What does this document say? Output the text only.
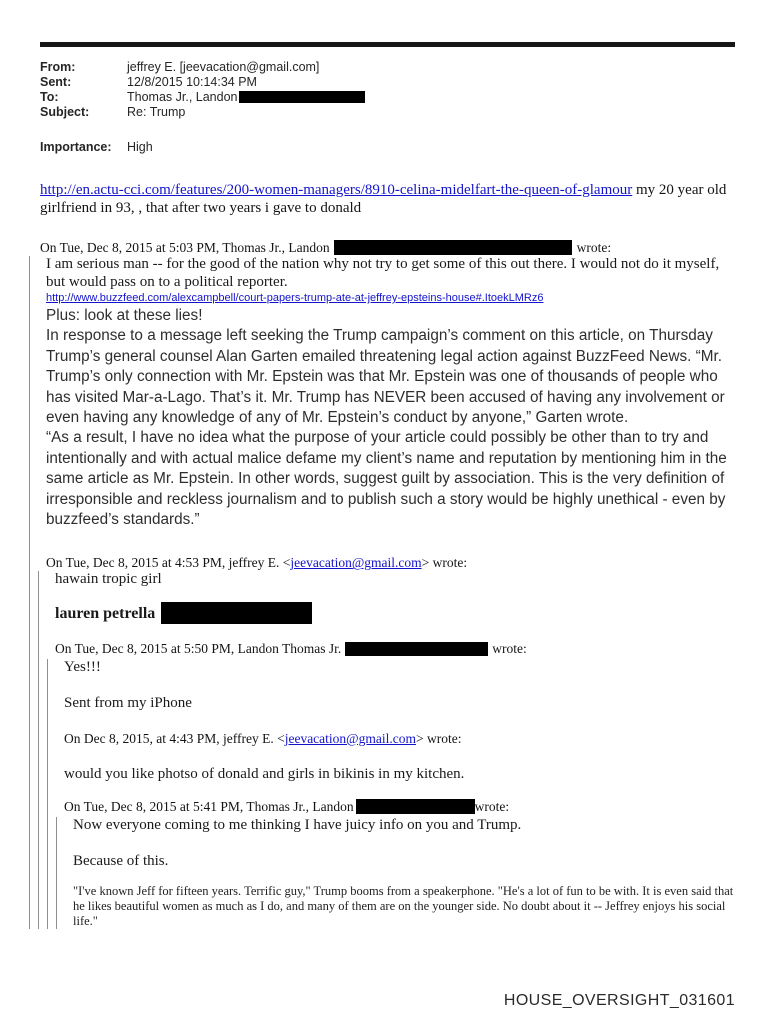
From:	jeffrey E. [jeevacation@gmail.com]
Sent:	12/8/2015 10:14:34 PM
To:	Thomas Jr., Landon
Subject:	Re: Trump
Importance:	High

http://en.actu-cci.com/features/200-women-managers/8910-celina-midelfart-the-queen-of-glamour my 20 year old girlfriend in 93, , that after two years i gave to donald

On Tue, Dec 8, 2015 at 5:03 PM, Thomas Jr., Landon	wrote:

I am serious man -- for the good of the nation why not try to get some of this out there. I would not do it myself, but would pass on to a political reporter.

http://www.buzzfeed.com/alexcampbell/court-papers-trump-ate-at-jeffrey-epsteins-house#.ItoekLMRz6

Plus: look at these lies!

In response to a message left seeking the Trump campaign’s comment on this article, on Thursday Trump’s general counsel Alan Garten emailed threatening legal action against BuzzFeed News. “Mr. Trump’s only connection with Mr. Epstein was that Mr. Epstein was one of thousands of people who has visited Mar-a-Lago. That’s it. Mr. Trump has NEVER been accused of having any involvement or even having any knowledge of any of Mr. Epstein’s conduct by anyone,” Garten wrote.

“As a result, I have no idea what the purpose of your article could possibly be other than to try and intentionally and with actual malice defame my client’s name and reputation by mentioning him in the same article as Mr. Epstein. In other words, suggest guilt by association. This is the very definition of irresponsible and reckless journalism and to publish such a story would be highly unethical - even by buzzfeed’s standards.”

On Tue, Dec 8, 2015 at 4:53 PM, jeffrey E. <jeevacation@gmail.com> wrote:

hawain tropic girl

lauren petrella

On Tue, Dec 8, 2015 at 5:50 PM, Landon Thomas Jr.	wrote:

Yes!!!

Sent from my iPhone

On Dec 8, 2015, at 4:43 PM, jeffrey E. <jeevacation@gmail.com> wrote:

would you like photso of donald and girls in bikinis in my kitchen.

On Tue, Dec 8, 2015 at 5:41 PM, Thomas Jr., Landon	wrote:

Now everyone coming to me thinking I have juicy info on you and Trump.

Because of this.

"I've known Jeff for fifteen years. Terrific guy," Trump booms from a speakerphone. "He's a lot of fun to be with. It is even said that he likes beautiful women as much as I do, and many of them are on the younger side. No doubt about it -- Jeffrey enjoys his social life."

HOUSE_OVERSIGHT_031601
